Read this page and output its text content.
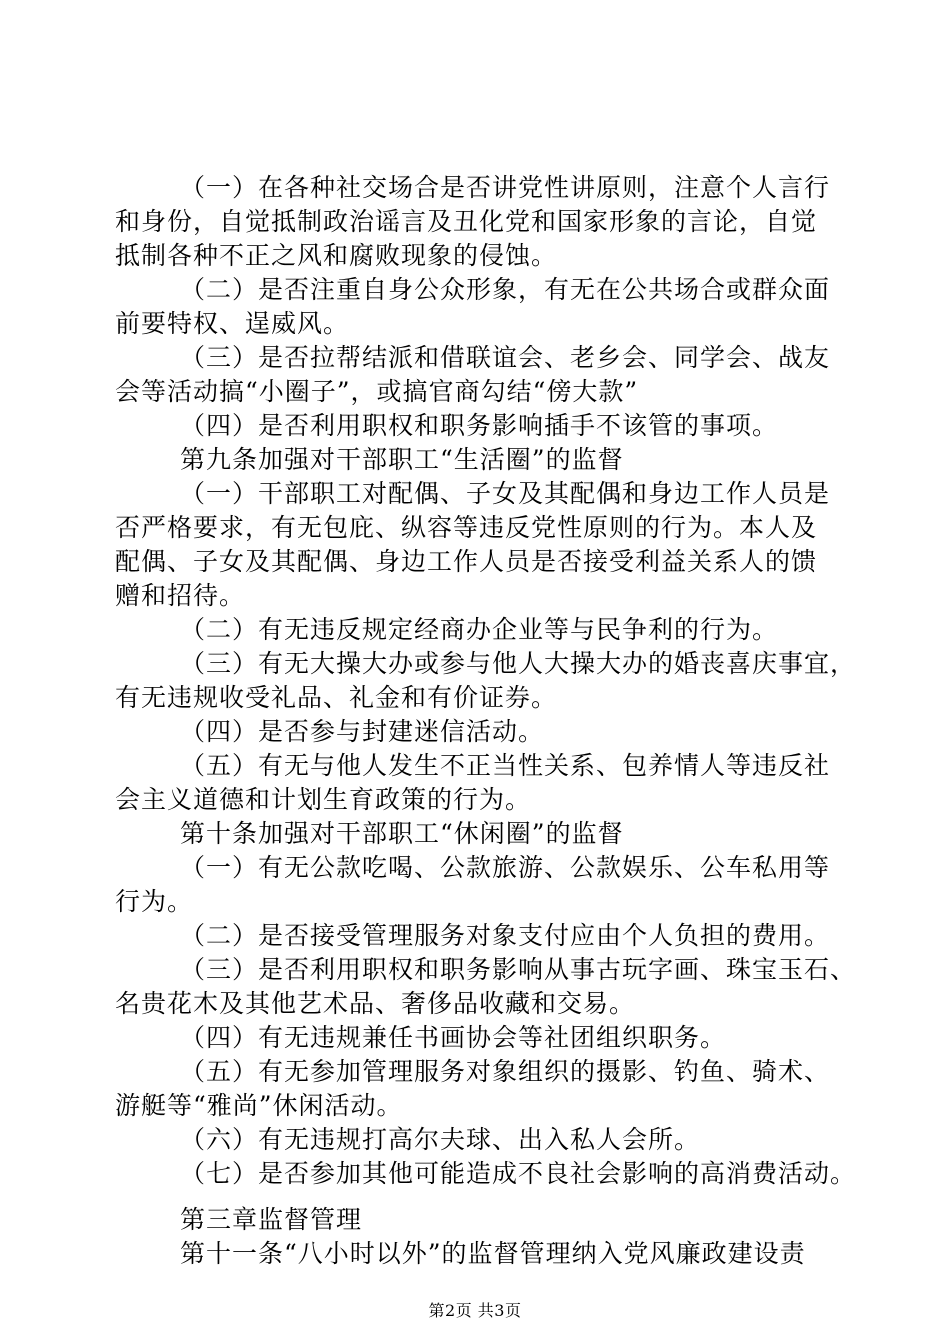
（一）在各种社交场合是否讲党性讲原则，注意个人言行
和身份，自觉抵制政治谣言及丑化党和国家形象的言论，自觉
抵制各种不正之风和腐败现象的侵蚀。
（二）是否注重自身公众形象，有无在公共场合或群众面
前要特权、逞威风。
（三）是否拉帮结派和借联谊会、老乡会、同学会、战友
会等活动搞“小圈子”，或搞官商勾结“傍大款”
（四）是否利用职权和职务影响插手不该管的事项。
第九条加强对干部职工“生活圈”的监督
（一）干部职工对配偶、子女及其配偶和身边工作人员是
否严格要求，有无包庇、纵容等违反党性原则的行为。本人及
配偶、子女及其配偶、身边工作人员是否接受利益关系人的馈
赠和招待。
（二）有无违反规定经商办企业等与民争利的行为。
（三）有无大操大办或参与他人大操大办的婚丧喜庆事宜，
有无违规收受礼品、礼金和有价证券。
（四）是否参与封建迷信活动。
（五）有无与他人发生不正当性关系、包养情人等违反社
会主义道德和计划生育政策的行为。
第十条加强对干部职工“休闲圈”的监督
（一）有无公款吃喝、公款旅游、公款娱乐、公车私用等
行为。
（二）是否接受管理服务对象支付应由个人负担的费用。
（三）是否利用职权和职务影响从事古玩字画、珠宝玉石、
名贵花木及其他艺术品、奢侈品收藏和交易。
（四）有无违规兼任书画协会等社团组织职务。
（五）有无参加管理服务对象组织的摄影、钓鱼、骑术、
游艇等“雅尚”休闲活动。
（六）有无违规打高尔夫球、出入私人会所。
（七）是否参加其他可能造成不良社会影响的高消费活动。
第三章监督管理
第十一条“八小时以外”的监督管理纳入党风廉政建设责
第2页 共3页
